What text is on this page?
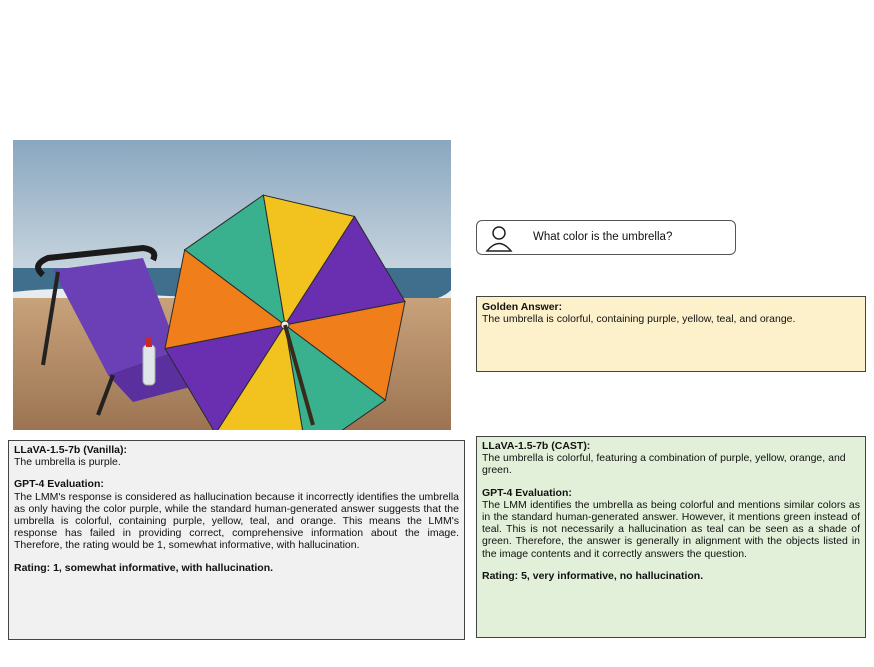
What color is the umbrella?
Golden Answer:
The umbrella is colorful, containing purple, yellow, teal, and orange.
LLaVA-1.5-7b (Vanilla):
The umbrella is purple.
GPT-4 Evaluation:
The LMM's response is considered as hallucination because it incorrectly identifies the umbrella as only having the color purple, while the standard human-generated answer suggests that the umbrella is colorful, containing purple, yellow, teal, and orange. This means the LMM's response has failed in providing correct, comprehensive information about the image. Therefore, the rating would be 1, somewhat informative, with hallucination.
Rating: 1, somewhat informative, with hallucination.
LLaVA-1.5-7b (CAST):
The umbrella is colorful, featuring a combination of purple, yellow, orange, and green.
GPT-4 Evaluation:
The LMM identifies the umbrella as being colorful and mentions similar colors as in the standard human-generated answer. However, it mentions green instead of teal. This is not necessarily a hallucination as teal can be seen as a shade of green. Therefore, the answer is generally in alignment with the objects listed in the image contents and it correctly answers the question.
Rating: 5, very informative, no hallucination.
